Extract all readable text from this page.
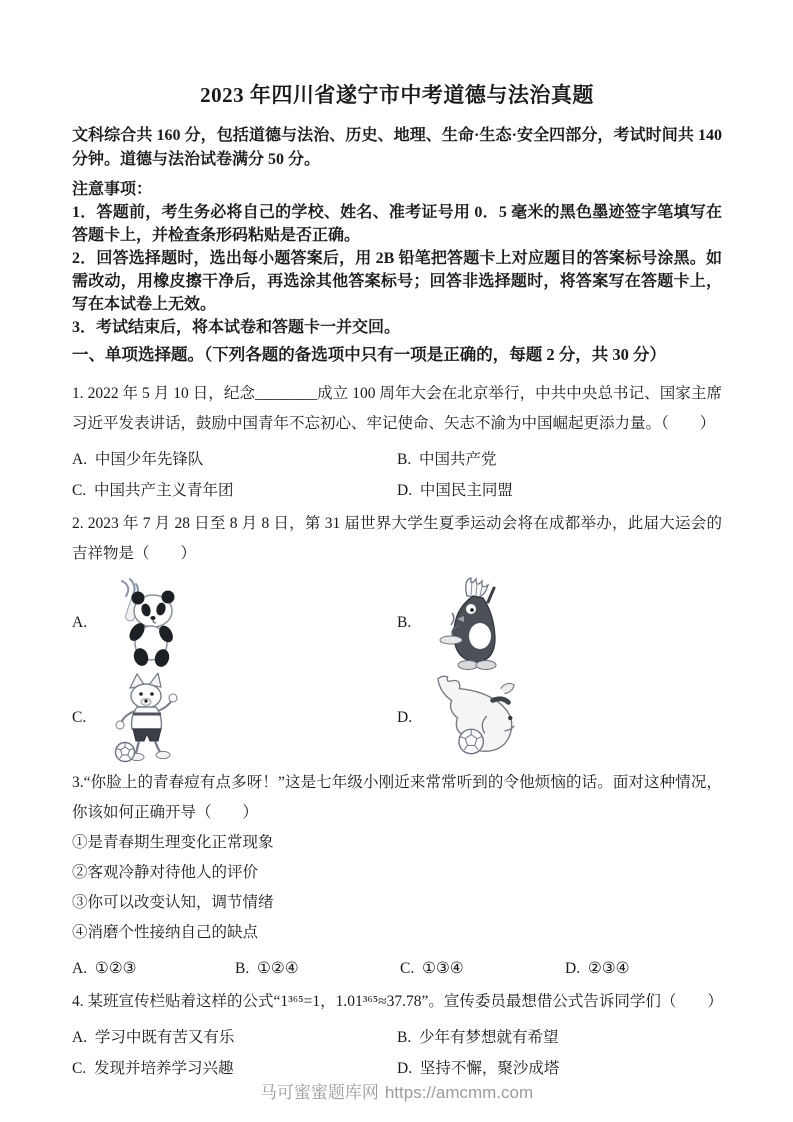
2023 年四川省遂宁市中考道德与法治真题

文科综合共 160 分，包括道德与法治、历史、地理、生命·生态·安全四部分，考试时间共 140 分钟。道德与法治试卷满分 50 分。

注意事项：

1．答题前，考生务必将自己的学校、姓名、准考证号用 0．5 毫米的黑色墨迹签字笔填写在答题卡上，并检查条形码粘贴是否正确。

2．回答选择题时，选出每小题答案后，用 2B 铅笔把答题卡上对应题目的答案标号涂黑。如需改动，用橡皮擦干净后，再选涂其他答案标号；回答非选择题时，将答案写在答题卡上，写在本试卷上无效。

3．考试结束后，将本试卷和答题卡一并交回。

一、单项选择题。（下列各题的备选项中只有一项是正确的，每题 2 分，共 30 分）

1. 2022 年 5 月 10 日，纪念________成立 100 周年大会在北京举行，中共中央总书记、国家主席习近平发表讲话，鼓励中国青年不忘初心、牢记使命、矢志不渝为中国崛起更添力量。（　　）

A. 中国少年先锋队	B. 中国共产党
C. 中国共产主义青年团	D. 中国民主同盟

2. 2023 年 7 月 28 日至 8 月 8 日，第 31 届世界大学生夏季运动会将在成都举办，此届大运会的吉祥物是（　　）

A.	B.
C.	D.

3.“你脸上的青春痘有点多呀！”这是七年级小刚近来常常听到的令他烦恼的话。面对这种情况，你该如何正确开导（　　）

①是青春期生理变化正常现象

②客观冷静对待他人的评价

③你可以改变认知，调节情绪

④消磨个性接纳自己的缺点

A. ①②③	B. ①②④	C. ①③④	D. ②③④

4. 某班宣传栏贴着这样的公式“1³⁶⁵=1，1.01³⁶⁵≈37.78”。宣传委员最想借公式告诉同学们（　　）

A. 学习中既有苦又有乐	B. 少年有梦想就有希望
C. 发现并培养学习兴趣	D. 坚持不懈，聚沙成塔
马可蜜蜜题库网 https://amcmm.com
